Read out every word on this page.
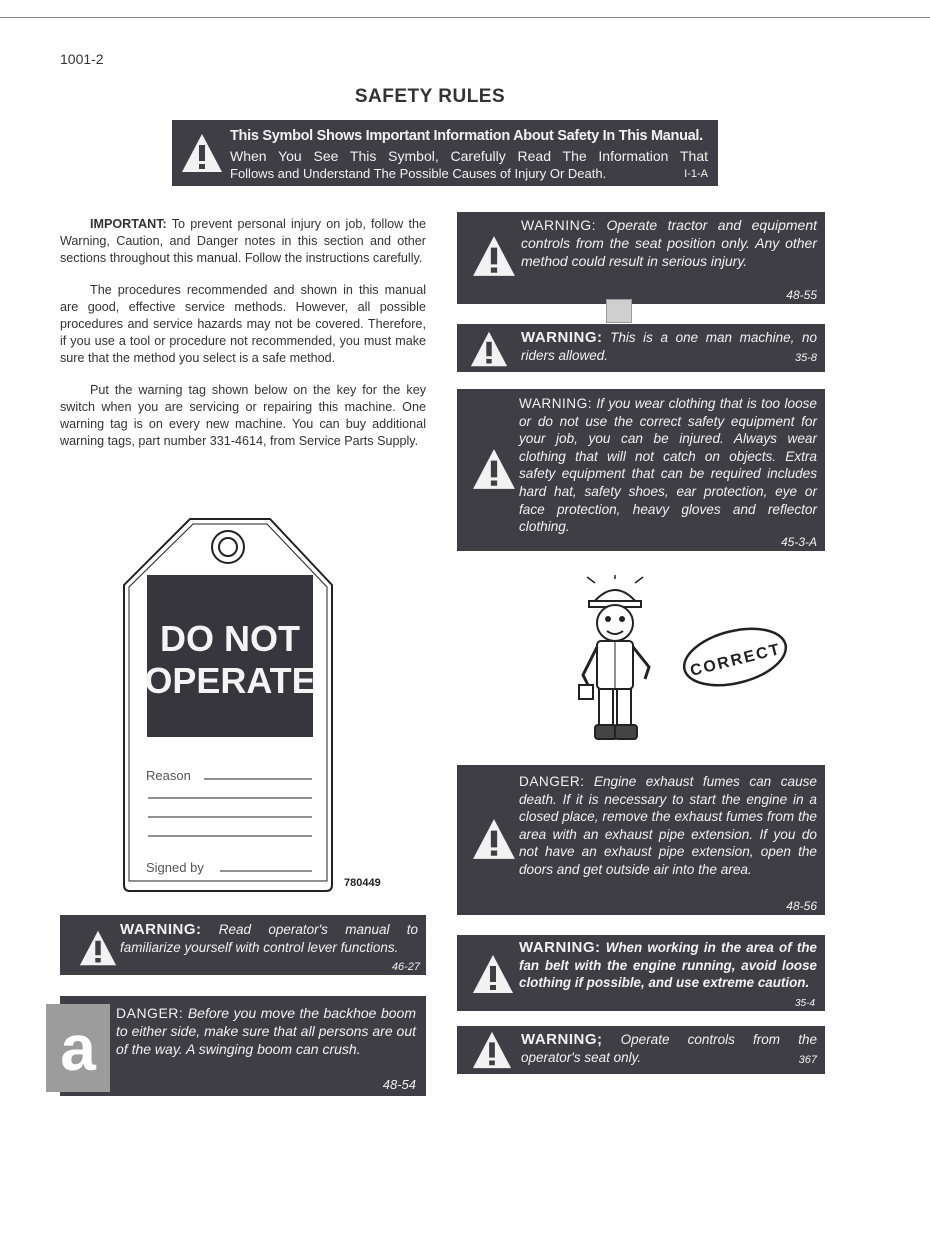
1001-2
SAFETY RULES
This Symbol Shows Important Information About Safety In This Manual.
When You See This Symbol, Carefully Read The Information That
Follows and Understand The Possible Causes of Injury Or Death.	I-1-A

IMPORTANT: To prevent personal injury on job, follow the Warning, Caution, and Danger notes in this section and other sections throughout this manual. Follow the instructions carefully.

The procedures recommended and shown in this manual are good, effective service methods. However, all possible procedures and service hazards may not be covered. Therefore, if you use a tool or procedure not recommended, you must make sure that the method you select is a safe method.

Put the warning tag shown below on the key for the key switch when you are servicing or repairing this machine. One warning tag is on every new machine. You can buy additional warning tags, part number 331-4614, from Service Parts Supply.

DO NOT
OPERATE
Reason
Signed by
780449
WARNING: Read operator's manual to familiarize yourself with control lever functions.
46-27
DANGER: Before you move the backhoe boom to either side, make sure that all persons are out of the way. A swinging boom can crush.
48-54
a
WARNING: Operate tractor and equipment controls from the seat position only. Any other method could result in serious injury.
48-55
WARNING: This is a one man machine, no riders allowed.	35-8
WARNING: If you wear clothing that is too loose or do not use the correct safety equipment for your job, you can be injured. Always wear clothing that will not catch on objects. Extra safety equipment that can be required includes hard hat, safety shoes, ear protection, eye or face protection, heavy gloves and reflector clothing.
45-3-A
CORRECT
DANGER: Engine exhaust fumes can cause death. If it is necessary to start the engine in a closed place, remove the exhaust fumes from the area with an exhaust pipe extension. If you do not have an exhaust pipe extension, open the doors and get outside air into the area.
48-56
WARNING: When working in the area of the fan belt with the engine running, avoid loose clothing if possible, and use extreme caution.
35-4
WARNING; Operate controls from the operator's seat only.	367
